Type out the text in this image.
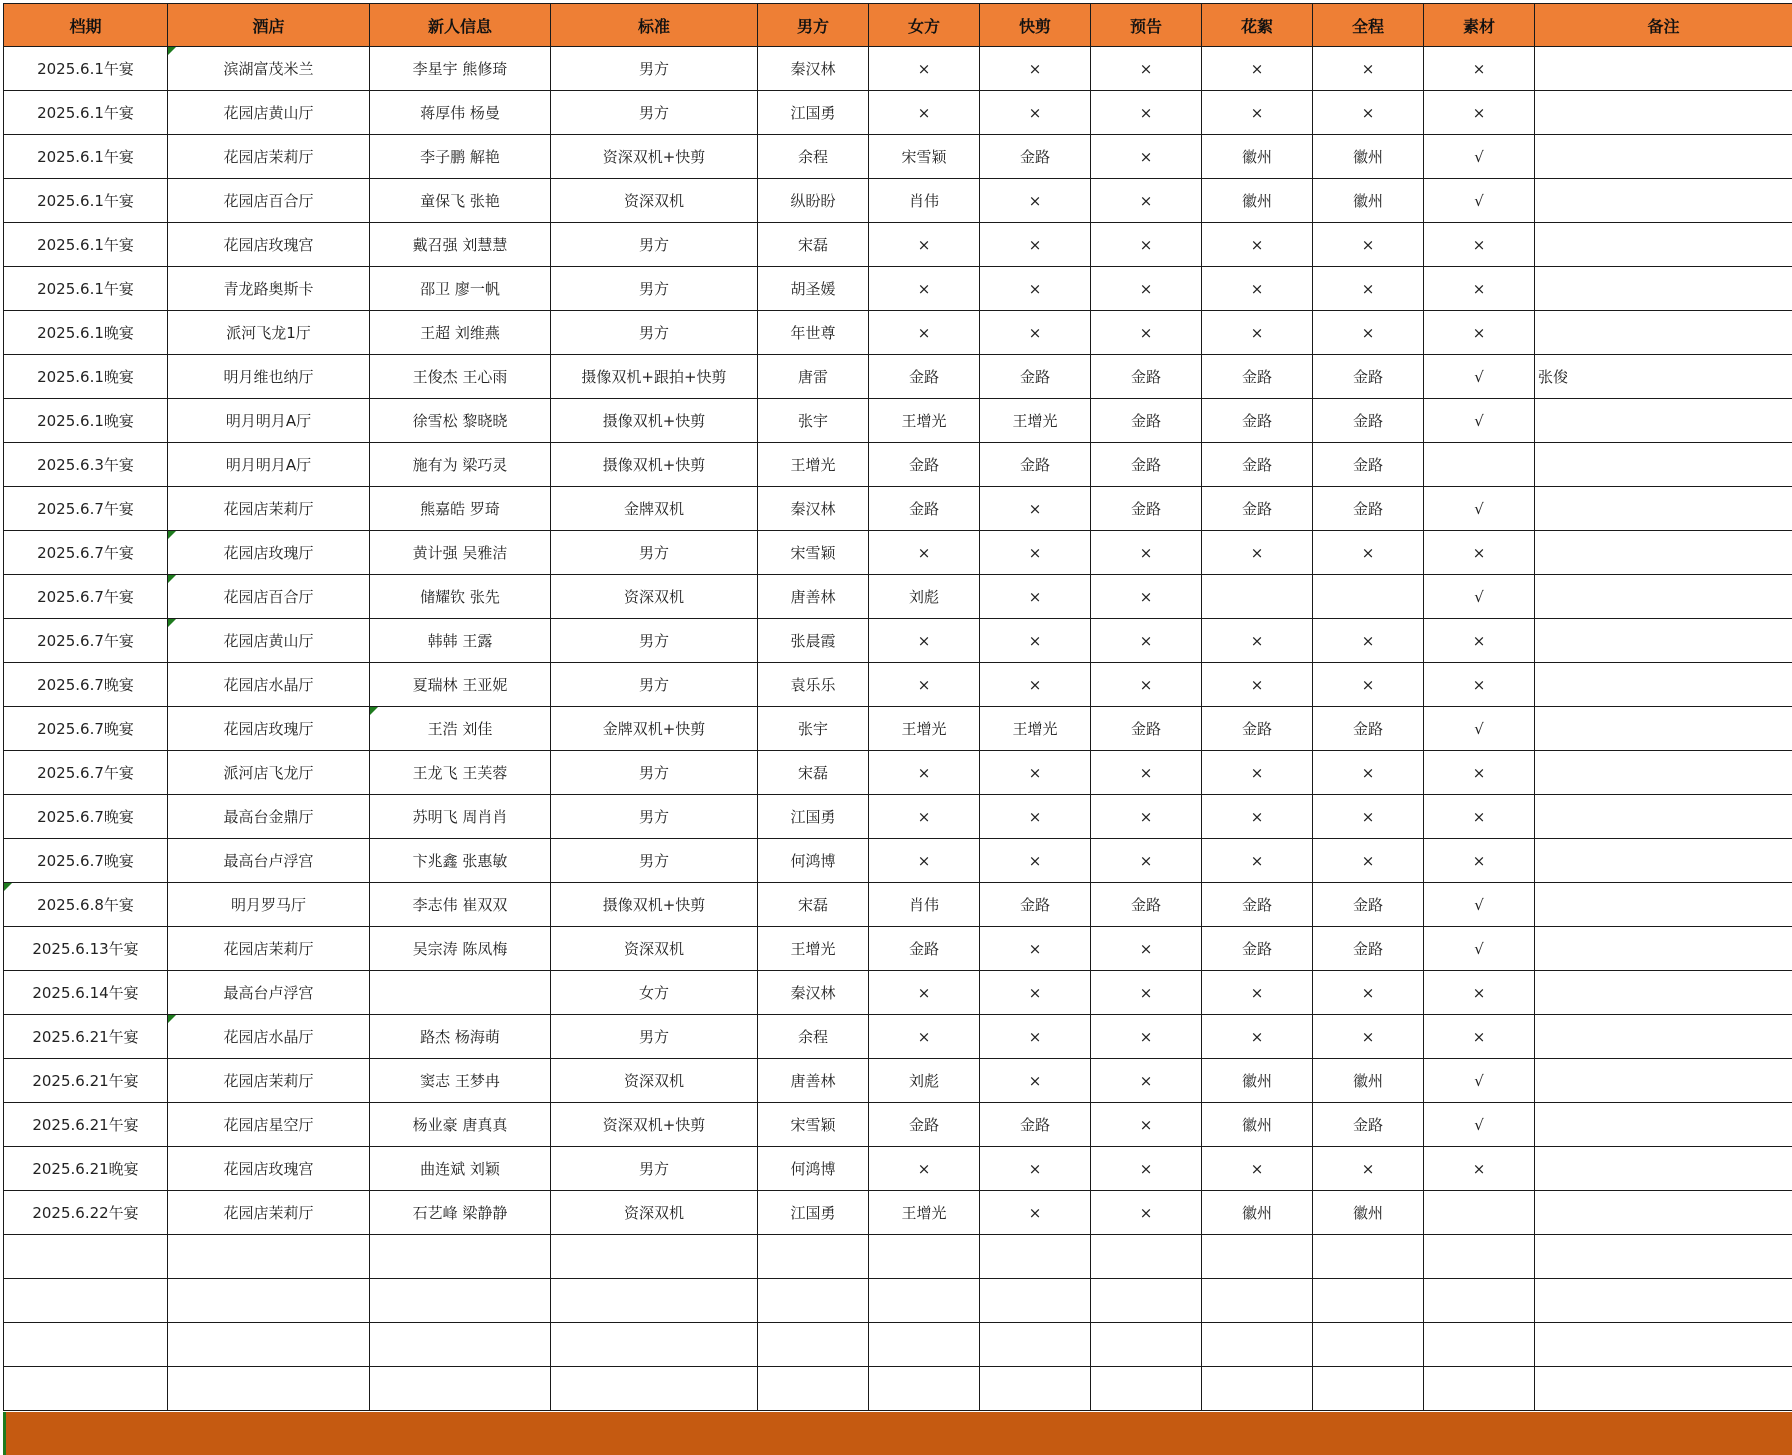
档期	酒店	新人信息	标准	男方	女方	快剪	预告	花絮	全程	素材	备注
2025.6.1午宴	滨湖富茂米兰	李星宇 熊修琦	男方	秦汉林	×	×	×	×	×	×	
2025.6.1午宴	花园店黄山厅	蒋厚伟 杨曼	男方	江国勇	×	×	×	×	×	×	
2025.6.1午宴	花园店茉莉厅	李子鹏 解艳	资深双机+快剪	余程	宋雪颖	金路	×	徽州	徽州	√	
2025.6.1午宴	花园店百合厅	童保飞 张艳	资深双机	纵盼盼	肖伟	×	×	徽州	徽州	√	
2025.6.1午宴	花园店玫瑰宫	戴召强 刘慧慧	男方	宋磊	×	×	×	×	×	×	
2025.6.1午宴	青龙路奥斯卡	邵卫 廖一帆	男方	胡圣媛	×	×	×	×	×	×	
2025.6.1晚宴	派河飞龙1厅	王超 刘维燕	男方	年世尊	×	×	×	×	×	×	
2025.6.1晚宴	明月维也纳厅	王俊杰 王心雨	摄像双机+跟拍+快剪	唐雷	金路	金路	金路	金路	金路	√	张俊
2025.6.1晚宴	明月明月A厅	徐雪松 黎晓晓	摄像双机+快剪	张宇	王增光	王增光	金路	金路	金路	√	
2025.6.3午宴	明月明月A厅	施有为 梁巧灵	摄像双机+快剪	王增光	金路	金路	金路	金路	金路		
2025.6.7午宴	花园店茉莉厅	熊嘉皓 罗琦	金牌双机	秦汉林	金路	×	金路	金路	金路	√	
2025.6.7午宴	花园店玫瑰厅	黄计强 吴雅洁	男方	宋雪颖	×	×	×	×	×	×	
2025.6.7午宴	花园店百合厅	储耀钦 张先	资深双机	唐善林	刘彪	×	×			√	
2025.6.7午宴	花园店黄山厅	韩韩 王露	男方	张晨霞	×	×	×	×	×	×	
2025.6.7晚宴	花园店水晶厅	夏瑞林 王亚妮	男方	袁乐乐	×	×	×	×	×	×	
2025.6.7晚宴	花园店玫瑰厅	王浩 刘佳	金牌双机+快剪	张宇	王增光	王增光	金路	金路	金路	√	
2025.6.7午宴	派河店飞龙厅	王龙飞 王芙蓉	男方	宋磊	×	×	×	×	×	×	
2025.6.7晚宴	最高台金鼎厅	苏明飞 周肖肖	男方	江国勇	×	×	×	×	×	×	
2025.6.7晚宴	最高台卢浮宫	卞兆鑫 张惠敏	男方	何鸿博	×	×	×	×	×	×	
2025.6.8午宴	明月罗马厅	李志伟 崔双双	摄像双机+快剪	宋磊	肖伟	金路	金路	金路	金路	√	
2025.6.13午宴	花园店茉莉厅	吴宗涛 陈凤梅	资深双机	王增光	金路	×	×	金路	金路	√	
2025.6.14午宴	最高台卢浮宫		女方	秦汉林	×	×	×	×	×	×	
2025.6.21午宴	花园店水晶厅	路杰 杨海萌	男方	余程	×	×	×	×	×	×	
2025.6.21午宴	花园店茉莉厅	窦志 王梦冉	资深双机	唐善林	刘彪	×	×	徽州	徽州	√	
2025.6.21午宴	花园店星空厅	杨业豪 唐真真	资深双机+快剪	宋雪颖	金路	金路	×	徽州	金路	√	
2025.6.21晚宴	花园店玫瑰宫	曲连斌 刘颖	男方	何鸿博	×	×	×	×	×	×	
2025.6.22午宴	花园店茉莉厅	石艺峰 梁静静	资深双机	江国勇	王增光	×	×	徽州	徽州		
